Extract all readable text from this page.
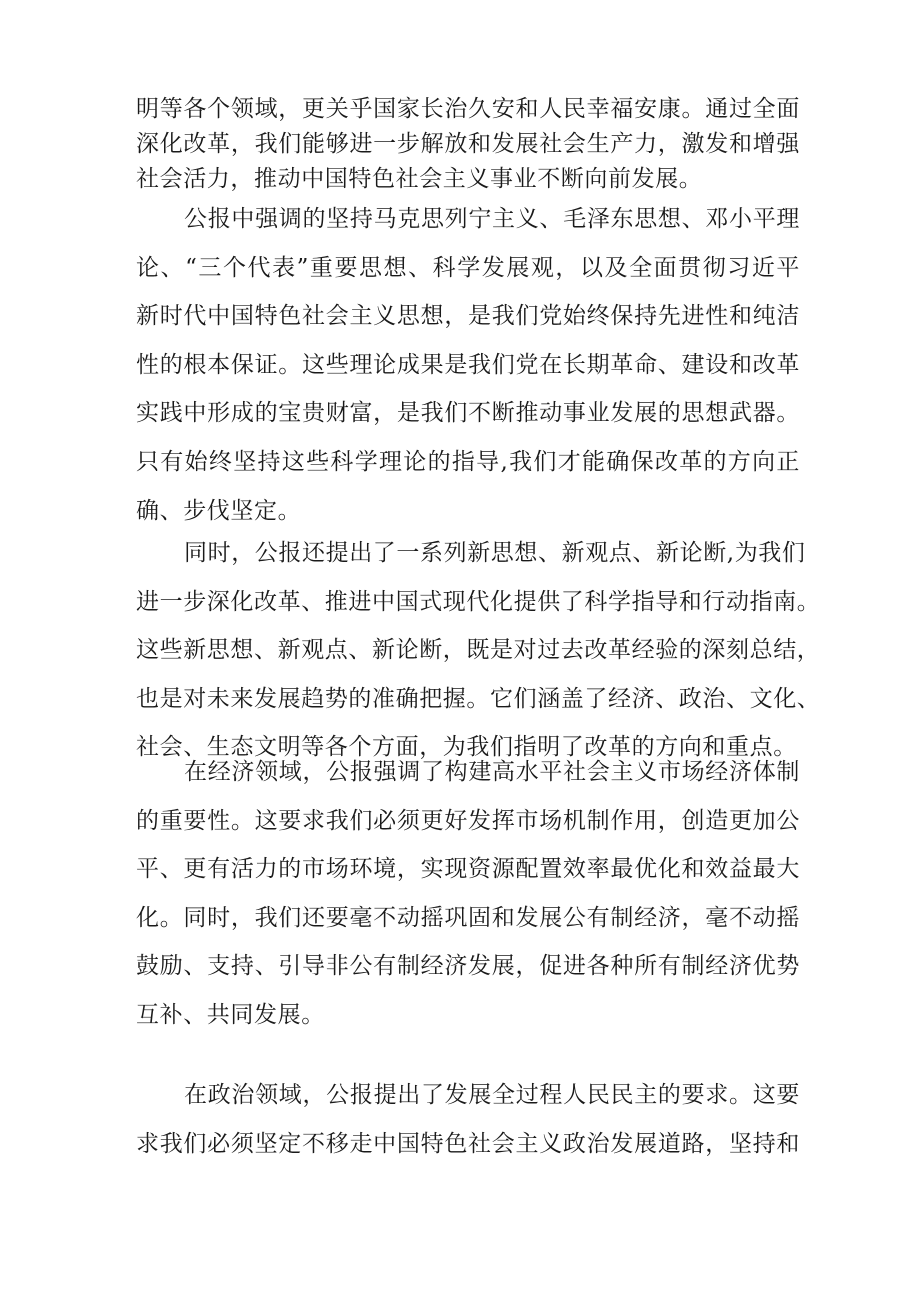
明等各个领域，更关乎国家长治久安和人民幸福安康。通过全面
深化改革，我们能够进一步解放和发展社会生产力，激发和增强
社会活力，推动中国特色社会主义事业不断向前发展。
公报中强调的坚持马克思列宁主义、毛泽东思想、邓小平理
论、“三个代表”重要思想、科学发展观，以及全面贯彻习近平
新时代中国特色社会主义思想，是我们党始终保持先进性和纯洁
性的根本保证。这些理论成果是我们党在长期革命、建设和改革
实践中形成的宝贵财富，是我们不断推动事业发展的思想武器。
只有始终坚持这些科学理论的指导,我们才能确保改革的方向正
确、步伐坚定。
同时，公报还提出了一系列新思想、新观点、新论断,为我们
进一步深化改革、推进中国式现代化提供了科学指导和行动指南。
这些新思想、新观点、新论断，既是对过去改革经验的深刻总结，
也是对未来发展趋势的准确把握。它们涵盖了经济、政治、文化、
社会、生态文明等各个方面，为我们指明了改革的方向和重点。
在经济领域，公报强调了构建高水平社会主义市场经济体制
的重要性。这要求我们必须更好发挥市场机制作用，创造更加公
平、更有活力的市场环境，实现资源配置效率最优化和效益最大
化。同时，我们还要毫不动摇巩固和发展公有制经济，毫不动摇
鼓励、支持、引导非公有制经济发展，促进各种所有制经济优势
互补、共同发展。
在政治领域，公报提出了发展全过程人民民主的要求。这要
求我们必须坚定不移走中国特色社会主义政治发展道路，坚持和
